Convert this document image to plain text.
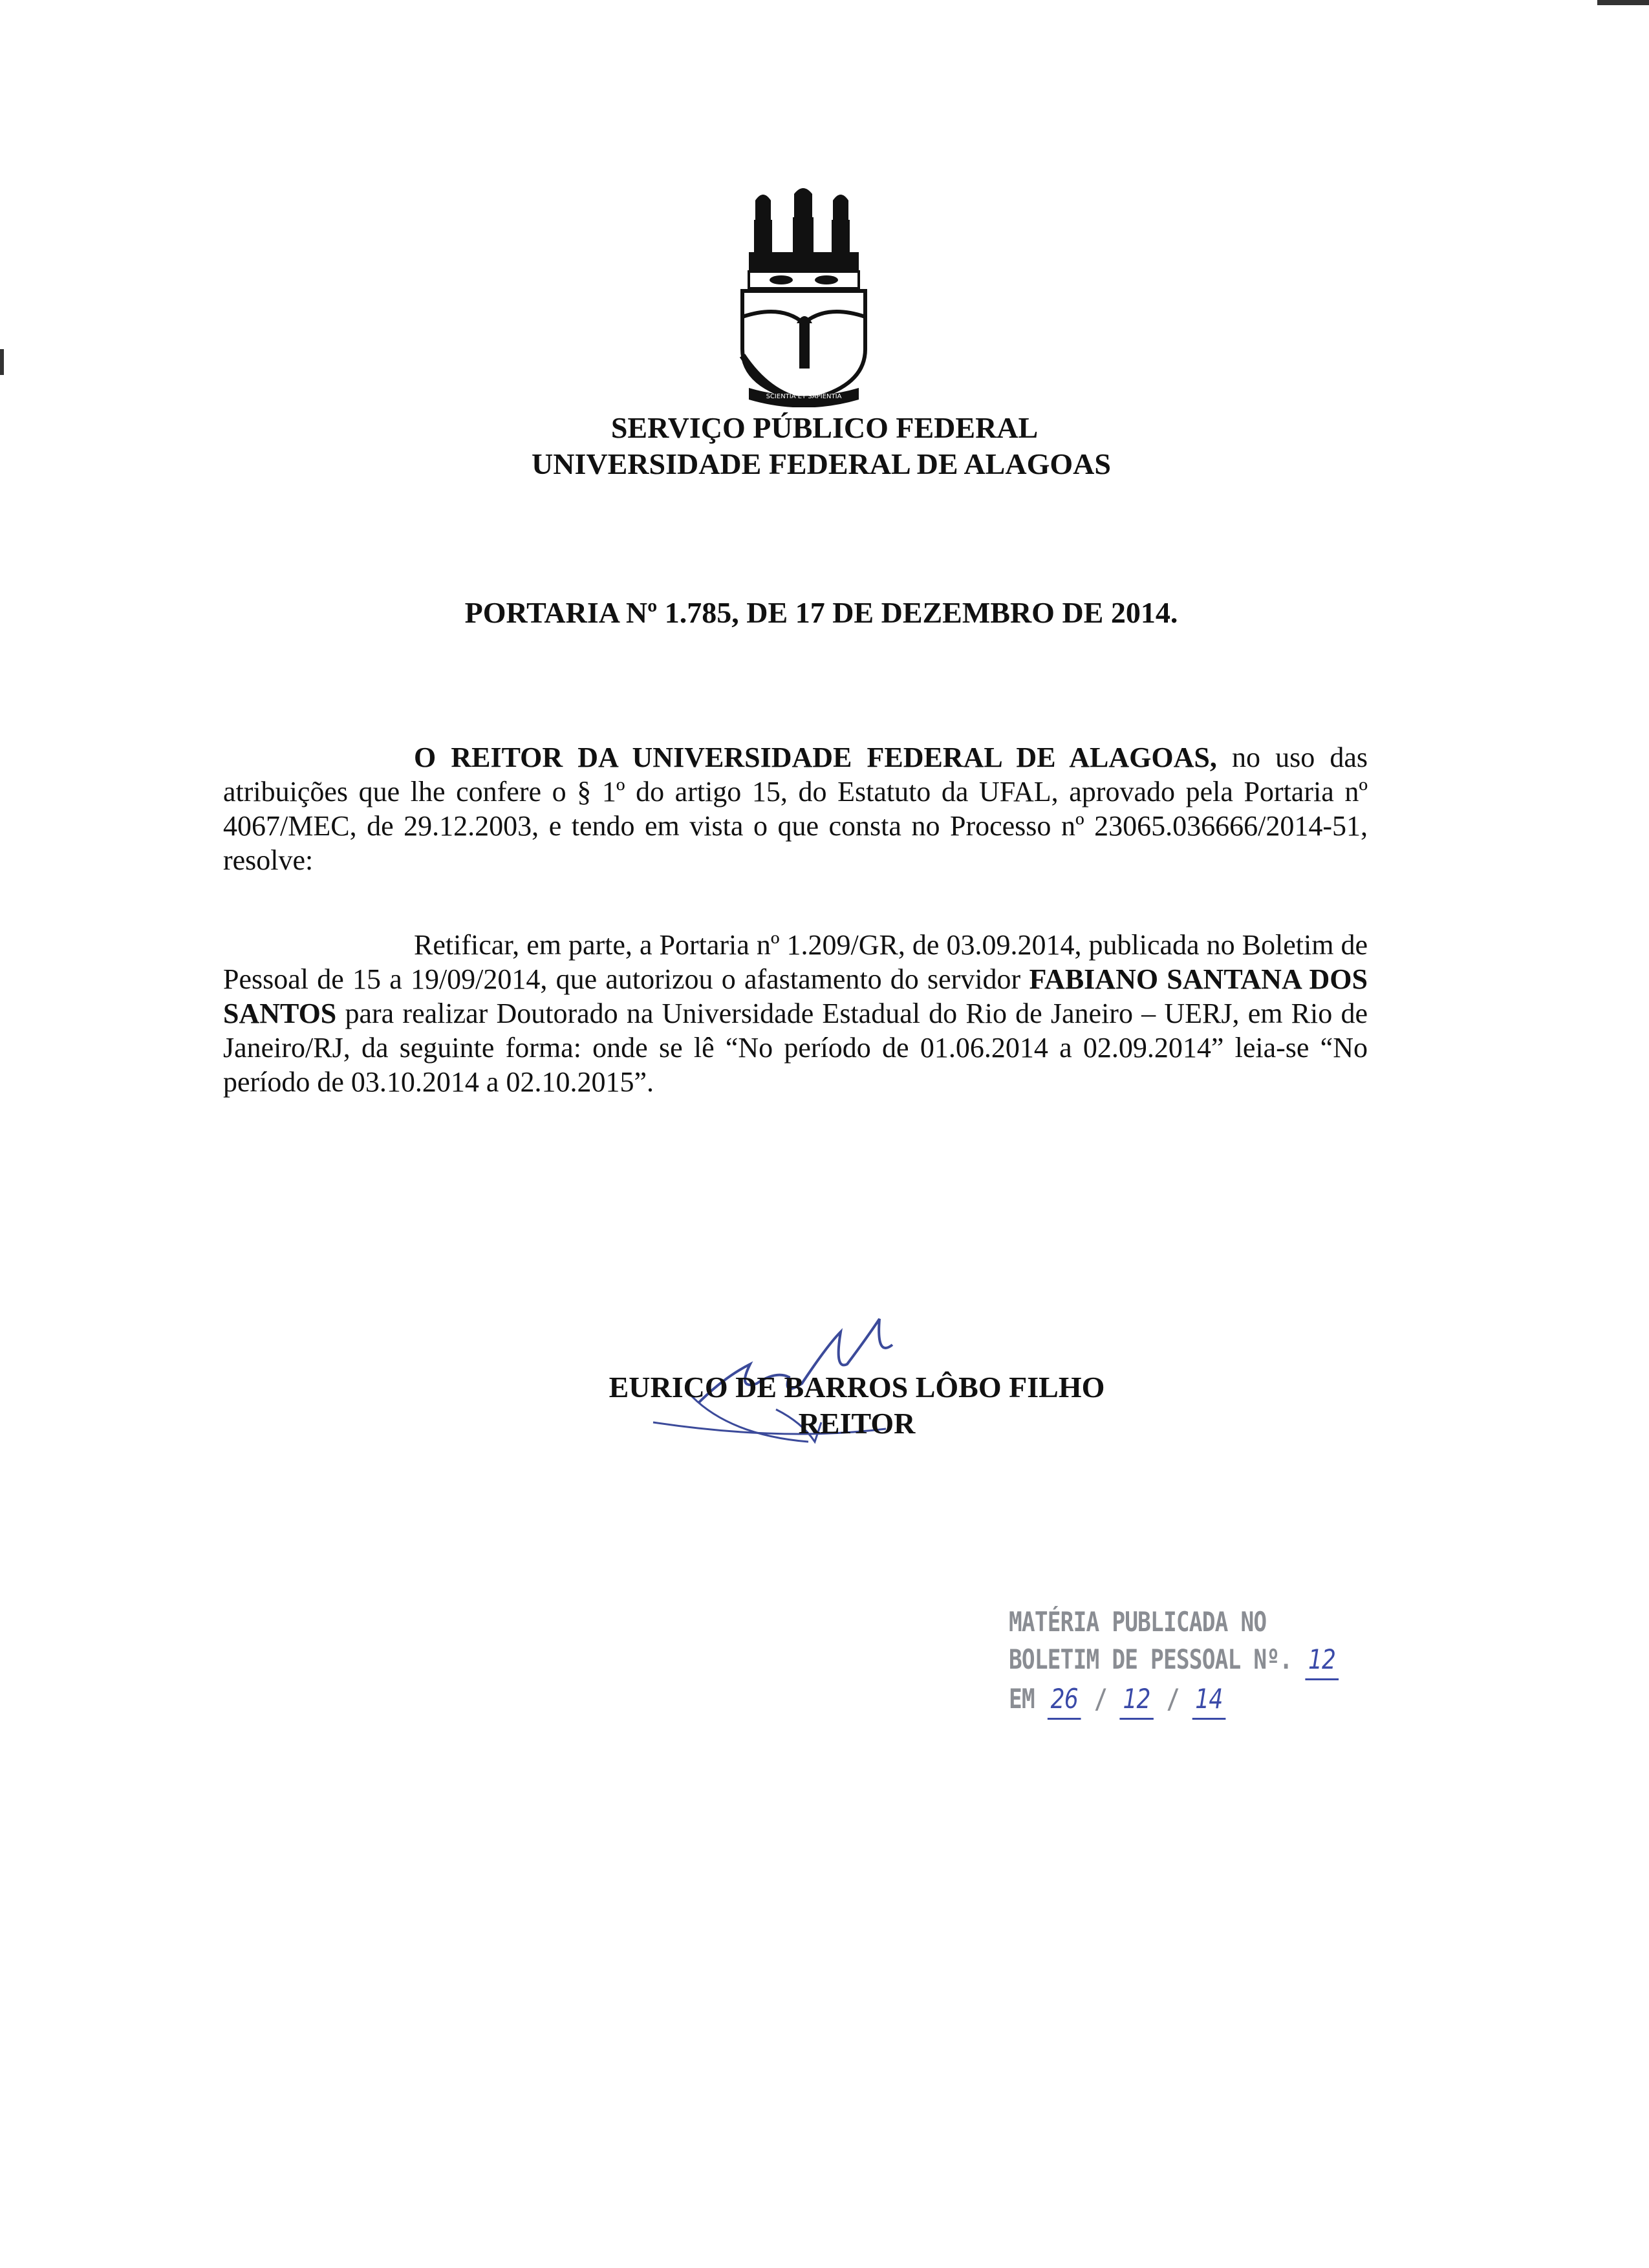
SCIENTIA ET SAPIENTIA
SERVIÇO PÚBLICO FEDERAL
UNIVERSIDADE FEDERAL DE ALAGOAS
PORTARIA Nº 1.785, DE 17 DE DEZEMBRO DE 2014.
O REITOR DA UNIVERSIDADE FEDERAL DE ALAGOAS, no uso das atribuições que lhe confere o § 1º do artigo 15, do Estatuto da UFAL, aprovado pela Portaria nº 4067/MEC, de 29.12.2003, e tendo em vista o que consta no Processo nº 23065.036666/2014-51, resolve:
Retificar, em parte, a Portaria nº 1.209/GR, de 03.09.2014, publicada no Boletim de Pessoal de 15 a 19/09/2014, que autorizou o afastamento do servidor FABIANO SANTANA DOS SANTOS para realizar Doutorado na Universidade Estadual do Rio de Janeiro – UERJ, em Rio de Janeiro/RJ, da seguinte forma: onde se lê “No período de 01.06.2014 a 02.09.2014” leia-se “No período de 03.10.2014 a 02.10.2015”.
EURICO DE BARROS LÔBO FILHO
REITOR
MATÉRIA PUBLICADA NO
BOLETIM DE PESSOAL Nº. 12
EM 26 / 12 / 14
